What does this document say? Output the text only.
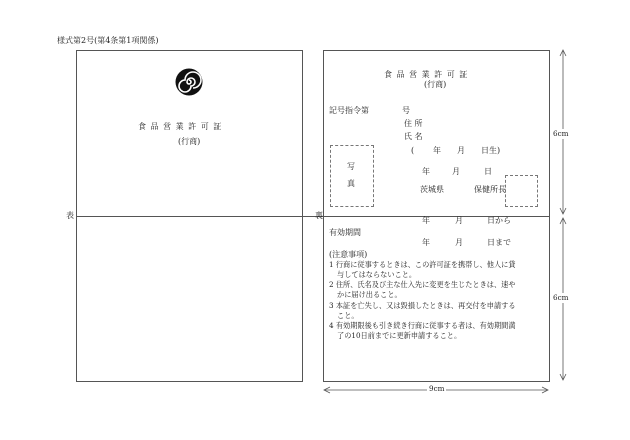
様式第2号(第4条第1項関係)
表
食 品 営 業 許 可 証
(行商)
裏
食 品 営 業 許 可 証
(行商)
記号指令第	号
住 所
氏 名
( 年 月 日生)
写
真
年	月	日
茨城県	保健所長
年	月	日から
有効期間
年	月	日まで
(注意事項)
1 行商に従事するときは、この許可証を携帯し、他人に貸
与してはならないこと。
2 住所、氏名及び主な仕入先に変更を生じたときは、速や
かに届け出ること。
3 本証を亡失し、又は毀損したときは、再交付を申請する
こと。
4 有効期限後も引き続き行商に従事する者は、有効期間満
了の10日前までに更新申請すること。
6cm
6cm
9cm
